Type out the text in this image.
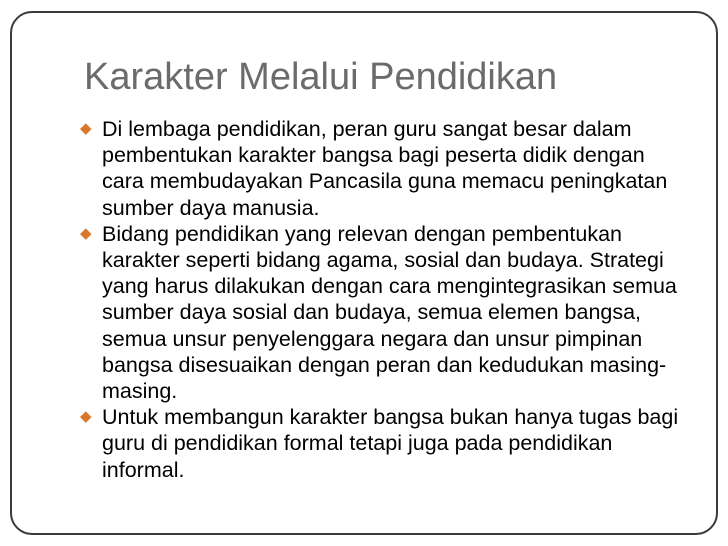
Karakter Melalui Pendidikan
◆ Di lembaga pendidikan, peran guru sangat besar dalam pembentukan karakter bangsa bagi peserta didik dengan cara membudayakan Pancasila guna memacu peningkatan sumber daya manusia.
◆ Bidang pendidikan yang relevan dengan pembentukan karakter seperti bidang agama, sosial dan budaya. Strategi yang harus dilakukan dengan cara mengintegrasikan semua sumber daya sosial dan budaya, semua elemen bangsa, semua unsur penyelenggara negara dan unsur pimpinan bangsa disesuaikan dengan peran dan kedudukan masing-masing.
◆ Untuk membangun karakter bangsa bukan hanya tugas bagi guru di pendidikan formal tetapi juga pada pendidikan informal.
